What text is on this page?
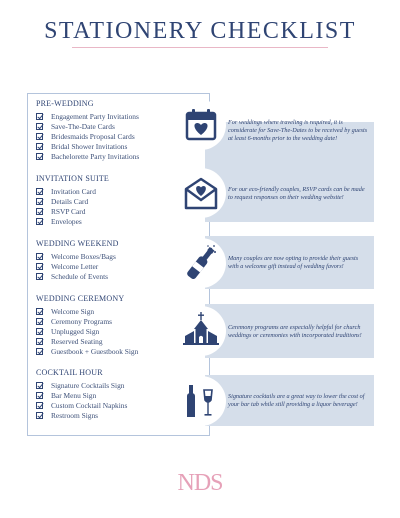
STATIONERY CHECKLIST
For weddings where traveling is required, it is considerate for Save-The-Dates to be received by guests at least 6-months prior to the wedding date!
For our eco-friendly couples, RSVP cards can be made to request responses on their wedding website!
Many couples are now opting to provide their guests with a welcome gift instead of wedding favors!
Ceremony programs are especially helpful for church weddings or ceremonies with incorporated traditions!
Signature cocktails are a great way to lower the cost of your bar tab while still providing a liquor beverage!
PRE-WEDDING
Engagement Party Invitations
Save-The-Date Cards
Bridesmaids Proposal Cards
Bridal Shower Invitations
Bachelorette Party Invitations
INVITATION SUITE
Invitation Card
Details Card
RSVP Card
Envelopes
WEDDING WEEKEND
Welcome Boxes/Bags
Welcome Letter
Schedule of Events
WEDDING CEREMONY
Welcome Sign
Ceremony Programs
Unplugged Sign
Reserved Seating
Guestbook + Guestbook Sign
COCKTAIL HOUR
Signature Cocktails Sign
Bar Menu Sign
Custom Cocktail Napkins
Restroom Signs
NDS
